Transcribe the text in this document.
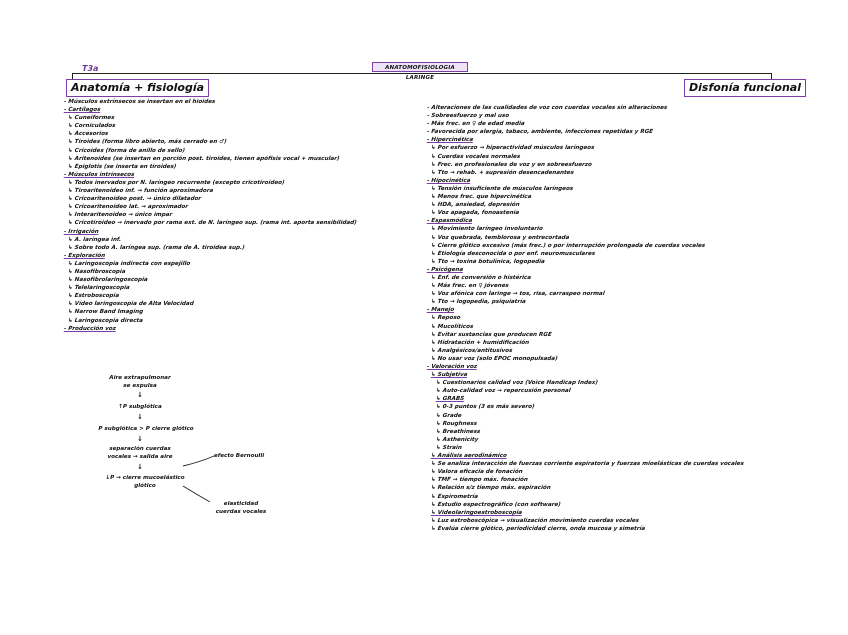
T3a	ANATOMOFISIOLOGIA LARINGE
Anatomía + fisiología	Disfonía funcional
- Músculos extrínsecos se insertan en el hioides
- Cartílagos
↳ Cuneiformes
↳ Corniculados
↳ Accesorios
↳ Tiroides (forma libro abierto, más cerrado en ♂)
↳ Cricoides (forma de anillo de sello)
↳ Aritenoides (se insertan en porción post. tiroides, tienen apófisis vocal + muscular)
↳ Epiglotis (se inserta en tiroides)
- Músculos intrínsecos
↳ Todos inervados por N. laríngeo recurrente (excepto cricotiroideo)
↳ Tiroaritenoideo inf. → función aproximadora
↳ Cricoaritenoideo post. → único dilatador
↳ Cricoaritenoideo lat. → aproximador
↳ Interaritenoideo → único impar
↳ Cricotiroideo → inervado por rama ext. de N. laríngeo sup. (rama int. aporta sensibilidad)
- Irrigación
↳ A. laríngea inf.
↳ Sobre todo A. laríngea sup. (rama de A. tiroidea sup.)
- Exploración
↳ Laringoscopia indirecta con espejillo
↳ Nasofibroscopia
↳ Nasofibrolaringoscopia
↳ Telelaringoscopia
↳ Estroboscopia
↳ Vídeo laringoscopia de Alta Velocidad
↳ Narrow Band Imaging
↳ Laringoscopia directa
- Producción voz
- Alteraciones de las cualidades de voz con cuerdas vocales sin alteraciones
- Sobreesfuerzo y mal uso
- Más frec. en ♀ de edad media
- Favorecida por alergia, tabaco, ambiente, infecciones repetidas y RGE
- Hipercinética
↳ Por esfuerzo → hiperactividad músculos laríngeos
↳ Cuerdas vocales normales
↳ Frec. en profesionales de voz y en sobreesfuerzo
↳ Tto → rehab. + supresión desencadenantes
- Hipocinética
↳ Tensión insuficiente de músculos laríngeos
↳ Menos frec. que hipercinética
↳ HDA, ansiedad, depresión
↳ Voz apagada, fonoastenia
- Espasmódica
↳ Movimiento laríngeo involuntario
↳ Voz quebrada, temblorosa y entrecortada
↳ Cierre glótico excesivo (más frec.) o por interrupción prolongada de cuerdas vocales
↳ Etiología desconocida o por enf. neuromusculares
↳ Tto → toxina botulínica, logopedia
- Psicógena
↳ Enf. de conversión o histérica
↳ Más frec. en ♀ jóvenes
↳ Voz afónica con laringe → tos, risa, carraspeo normal
↳ Tto → logopedia, psiquiatría
- Manejo
↳ Reposo
↳ Mucolíticos
↳ Evitar sustancias que producen RGE
↳ Hidratación + humidificación
↳ Analgésicos/antitusivos
↳ No usar voz (solo EPOC monopulsada)
- Valoración voz
↳ Subjetiva
↳ Cuestionarios calidad voz (Voice Handicap Index)
↳ Auto-calidad voz → repercusión personal
↳ GRABS
↳ 0-3 puntos (3 es más severo)
↳ Grade
↳ Roughness
↳ Breathiness
↳ Asthenicity
↳ Strain
↳ Análisis aerodinámico
↳ Se analiza interacción de fuerzas corriente espiratoria y fuerzas mioelásticas de cuerdas vocales
↳ Valora eficacia de fonación
↳ TMF → tiempo máx. fonación
↳ Relación s/z tiempo máx. espiración
↳ Espirometría
↳ Estudio espectrográfico (con software)
↳ Videolaringoestroboscopia
↳ Luz estroboscópica → visualización movimiento cuerdas vocales
↳ Evalúa cierre glótico, periodicidad cierre, onda mucosa y simetría
Aire extrapulmonar
se expulsa
↓
↑P subglótica
↓
P subglótica > P cierre glótico
↓
separación cuerdas
vocales → salida aire
↓
↓P → cierre mucoelástico
glótico
efecto Bernoulli
elasticidad
cuerdas vocales
